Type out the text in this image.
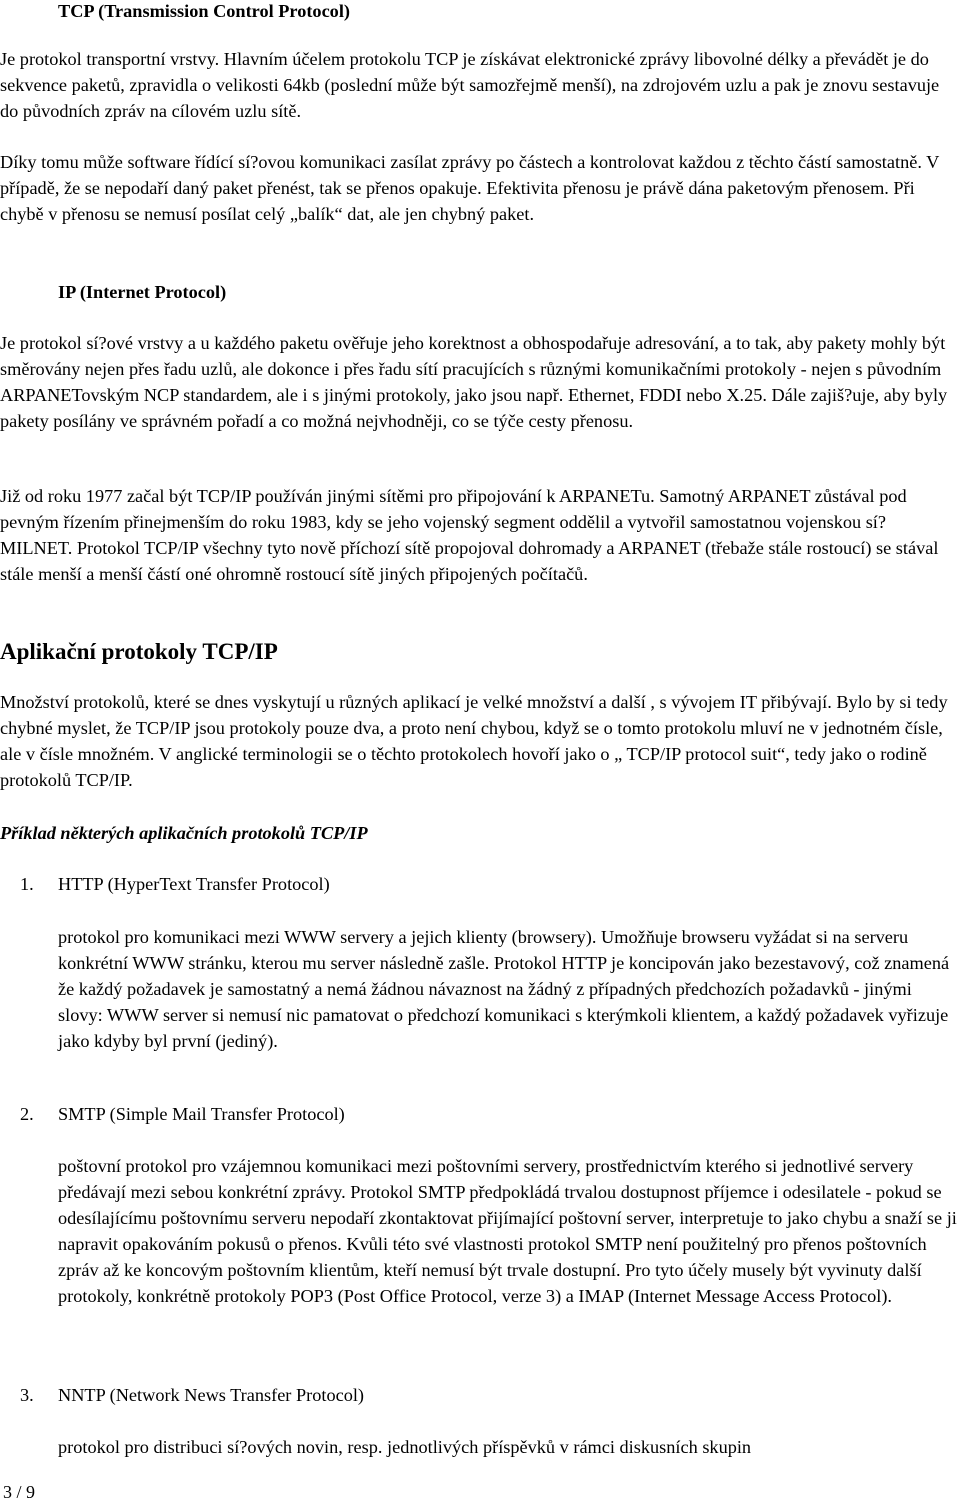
TCP (Transmission Control Protocol)

Je protokol transportní vrstvy. Hlavním účelem protokolu TCP je získávat elektronické zprávy libovolné délky a převádět je do sekvence paketů, zpravidla o velikosti 64kb (poslední může být samozřejmě menší), na zdrojovém uzlu a pak je znovu sestavuje do původních zpráv na cílovém uzlu sítě.

Díky tomu může software řídící sí?ovou komunikaci zasílat zprávy po částech a kontrolovat každou z těchto částí samostatně. V případě, že se nepodaří daný paket přenést, tak se přenos opakuje. Efektivita přenosu je právě dána paketovým přenosem. Při chybě v přenosu se nemusí posílat celý „balík“ dat, ale jen chybný paket.

IP (Internet Protocol)

Je protokol sí?ové vrstvy a u každého paketu ověřuje jeho korektnost a obhospodařuje adresování, a to tak, aby pakety mohly být směrovány nejen přes řadu uzlů, ale dokonce i přes řadu sítí pracujících s různými komunikačními protokoly - nejen s původním ARPANETovským NCP standardem, ale i s jinými protokoly, jako jsou např. Ethernet, FDDI nebo X.25. Dále zajiš?uje, aby byly pakety posílány ve správném pořadí a co možná nejvhodněji, co se týče cesty přenosu.

Již od roku 1977 začal být TCP/IP používán jinými sítěmi pro připojování k ARPANETu. Samotný ARPANET zůstával pod pevným řízením přinejmenším do roku 1983, kdy se jeho vojenský segment oddělil a vytvořil samostatnou vojenskou sí? MILNET. Protokol TCP/IP všechny tyto nově příchozí sítě propojoval dohromady a ARPANET (třebaže stále rostoucí) se stával stále menší a menší částí oné ohromně rostoucí sítě jiných připojených počítačů.

Aplikační protokoly TCP/IP

Množství protokolů, které se dnes vyskytují u různých aplikací je velké množství a další , s vývojem IT přibývají. Bylo by si tedy chybné myslet, že TCP/IP jsou protokoly pouze dva, a proto není chybou, když se o tomto protokolu mluví ne v jednotném čísle, ale v čísle množném. V anglické terminologii se o těchto protokolech hovoří jako o „ TCP/IP protocol suit“, tedy jako o rodině protokolů TCP/IP.

Příklad některých aplikačních protokolů TCP/IP
1. HTTP (HyperText Transfer Protocol)

protokol pro komunikaci mezi WWW servery a jejich klienty (browsery). Umožňuje browseru vyžádat si na serveru konkrétní WWW stránku, kterou mu server následně zašle. Protokol HTTP je koncipován jako bezestavový, což znamená že každý požadavek je samostatný a nemá žádnou návaznost na žádný z případných předchozích požadavků - jinými slovy: WWW server si nemusí nic pamatovat o předchozí komunikaci s kterýmkoli klientem, a každý požadavek vyřizuje jako kdyby byl první (jediný).

2. SMTP (Simple Mail Transfer Protocol)

poštovní protokol pro vzájemnou komunikaci mezi poštovními servery, prostřednictvím kterého si jednotlivé servery předávají mezi sebou konkrétní zprávy. Protokol SMTP předpokládá trvalou dostupnost příjemce i odesilatele - pokud se odesílajícímu poštovnímu serveru nepodaří zkontaktovat přijímající poštovní server, interpretuje to jako chybu a snaží se ji napravit opakováním pokusů o přenos. Kvůli této své vlastnosti protokol SMTP není použitelný pro přenos poštovních zpráv až ke koncovým poštovním klientům, kteří nemusí být trvale dostupní. Pro tyto účely musely být vyvinuty další protokoly, konkrétně protokoly POP3 (Post Office Protocol, verze 3) a IMAP (Internet Message Access Protocol).

3. NNTP (Network News Transfer Protocol)

protokol pro distribuci sí?ových novin, resp. jednotlivých příspěvků v rámci diskusních skupin

3 / 9
